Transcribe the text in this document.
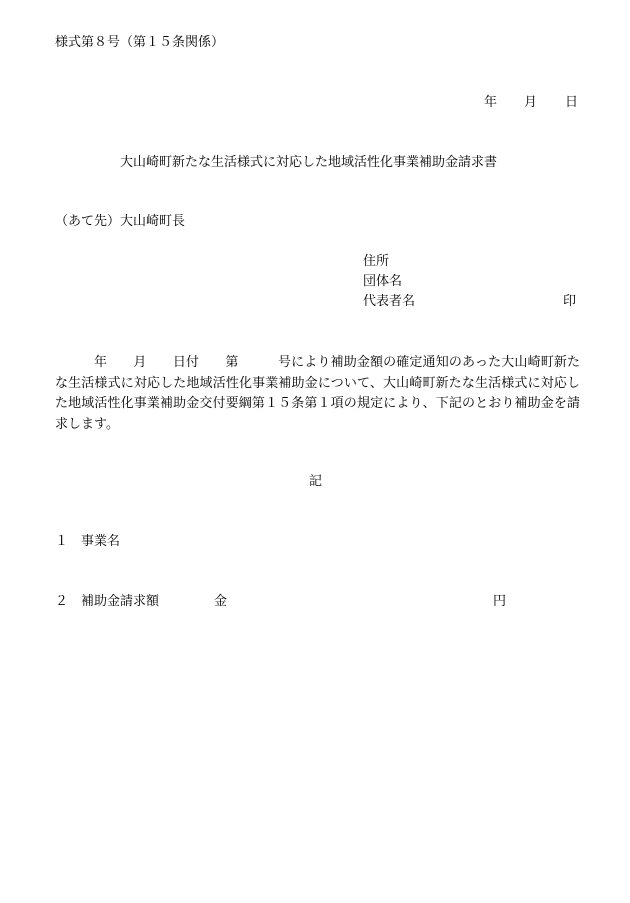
様式第８号（第１５条関係）
年 月 日
大山崎町新たな生活様式に対応した地域活性化事業補助金請求書
（あて先）大山崎町長
住所
団体名
代表者名	印
年　　月　　日付　　第　　　号により補助金額の確定通知のあった大山崎町新たな生活様式に対応した地域活性化事業補助金について、大山崎町新たな生活様式に対応した地域活性化事業補助金交付要綱第１５条第１項の規定により、下記のとおり補助金を請求します。
記
１ 事業名
２ 補助金請求額	金	円
